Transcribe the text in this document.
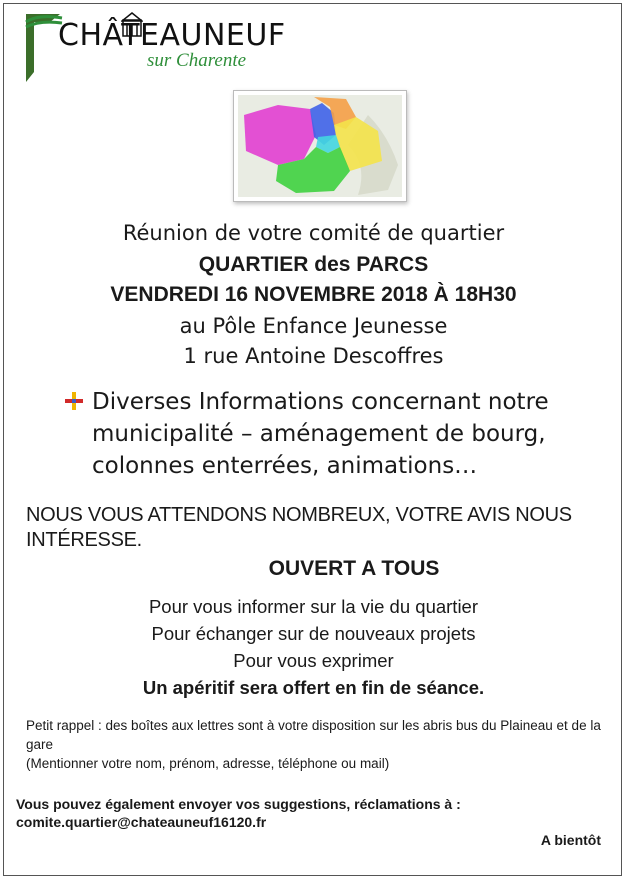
CHÂTEAUNEUF
sur Charente
Réunion de votre comité de quartier
QUARTIER des PARCS
VENDREDI 16 NOVEMBRE 2018 À 18H30
au Pôle Enfance Jeunesse
1 rue Antoine Descoffres
Diverses Informations concernant notre
municipalité – aménagement de bourg,
colonnes enterrées, animations…
NOUS VOUS ATTENDONS NOMBREUX, VOTRE AVIS NOUS INTÉRESSE.
OUVERT A TOUS
Pour vous informer sur la vie du quartier
Pour échanger sur de nouveaux projets
Pour vous exprimer
Un apéritif sera offert en fin de séance.
Petit rappel : des boîtes aux lettres sont à votre disposition sur les abris bus du Plaineau et de la gare
(Mentionner votre nom, prénom, adresse, téléphone ou mail)
Vous pouvez également envoyer vos suggestions, réclamations à :
comite.quartier@chateauneuf16120.fr
A bientôt
